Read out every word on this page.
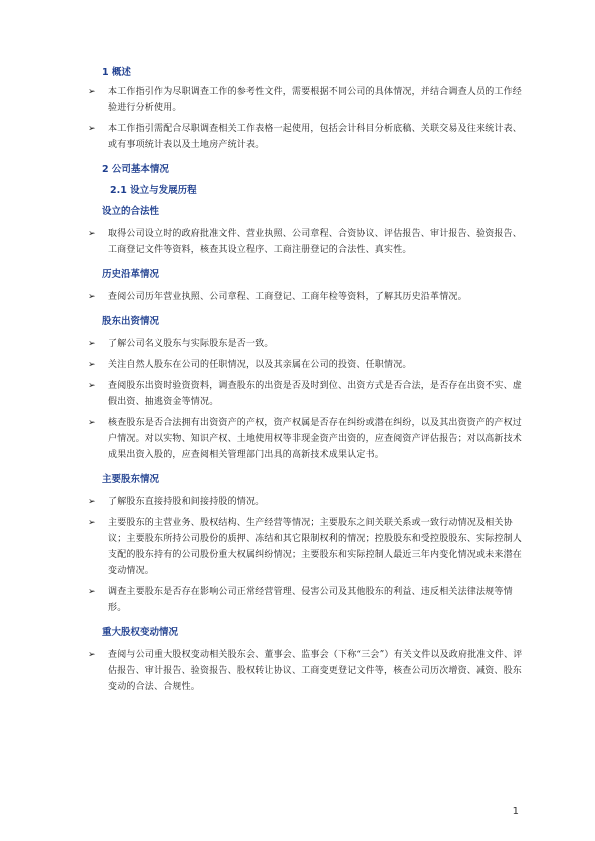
1 概述
➢ 本工作指引作为尽职调查工作的参考性文件，需要根据不同公司的具体情况，并结合调查人员的工作经验进行分析使用。
➢ 本工作指引需配合尽职调查相关工作表格一起使用，包括会计科目分析底稿、关联交易及往来统计表、或有事项统计表以及土地房产统计表。
2 公司基本情况
2.1 设立与发展历程
设立的合法性
➢ 取得公司设立时的政府批准文件、营业执照、公司章程、合资协议、评估报告、审计报告、验资报告、工商登记文件等资料，核查其设立程序、工商注册登记的合法性、真实性。
历史沿革情况
➢ 查阅公司历年营业执照、公司章程、工商登记、工商年检等资料，了解其历史沿革情况。
股东出资情况
➢ 了解公司名义股东与实际股东是否一致。
➢ 关注自然人股东在公司的任职情况，以及其亲属在公司的投资、任职情况。
➢ 查阅股东出资时验资资料，调查股东的出资是否及时到位、出资方式是否合法，是否存在出资不实、虚假出资、抽逃资金等情况。
➢ 核查股东是否合法拥有出资资产的产权，资产权属是否存在纠纷或潜在纠纷，以及其出资资产的产权过户情况。对以实物、知识产权、土地使用权等非现金资产出资的，应查阅资产评估报告；对以高新技术成果出资入股的，应查阅相关管理部门出具的高新技术成果认定书。
主要股东情况
➢ 了解股东直接持股和间接持股的情况。
➢ 主要股东的主营业务、股权结构、生产经营等情况；主要股东之间关联关系或一致行动情况及相关协议；主要股东所持公司股份的质押、冻结和其它限制权利的情况；控股股东和受控股股东、实际控制人支配的股东持有的公司股份重大权属纠纷情况；主要股东和实际控制人最近三年内变化情况或未来潜在变动情况。
➢ 调查主要股东是否存在影响公司正常经营管理、侵害公司及其他股东的利益、违反相关法律法规等情形。
重大股权变动情况
➢ 查阅与公司重大股权变动相关股东会、董事会、监事会（下称“三会”）有关文件以及政府批准文件、评估报告、审计报告、验资报告、股权转让协议、工商变更登记文件等，核查公司历次增资、减资、股东变动的合法、合规性。
1
